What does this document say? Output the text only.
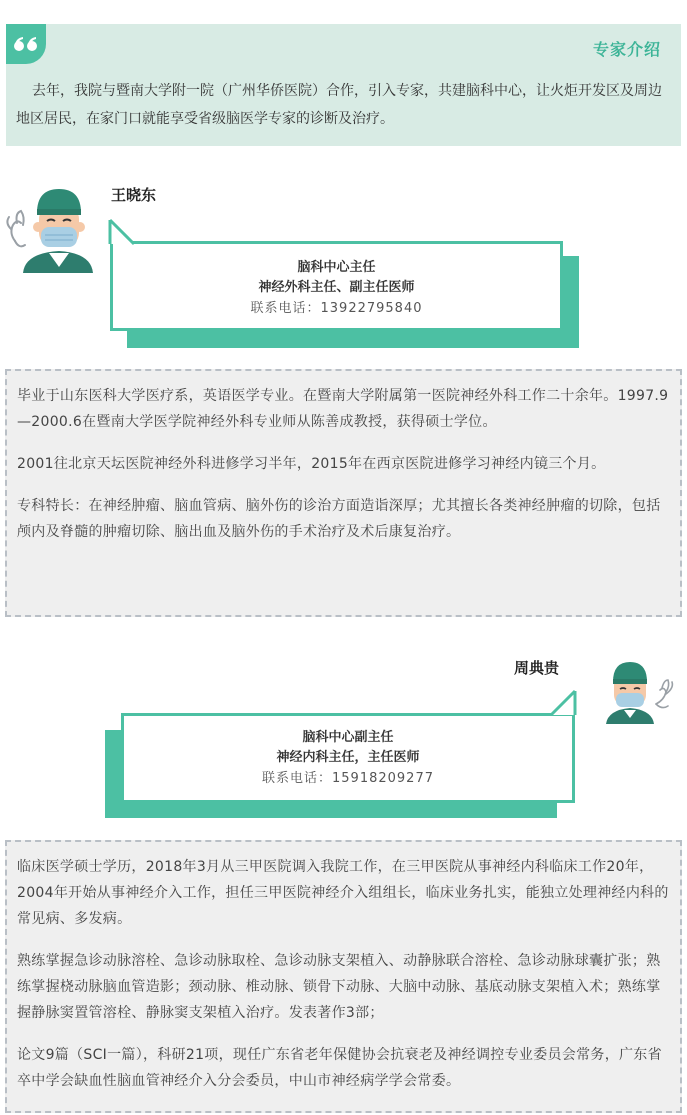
专家介绍
去年，我院与暨南大学附一院（广州华侨医院）合作，引入专家，共建脑科中心，让火炬开发区及周边地区居民，在家门口就能享受省级脑医学专家的诊断及治疗。
王晓东
脑科中心主任
神经外科主任、副主任医师
联系电话：13922795840

毕业于山东医科大学医疗系，英语医学专业。在暨南大学附属第一医院神经外科工作二十余年。1997.9—2000.6在暨南大学医学院神经外科专业师从陈善成教授，获得硕士学位。

2001往北京天坛医院神经外科进修学习半年，2015年在西京医院进修学习神经内镜三个月。

专科特长：在神经肿瘤、脑血管病、脑外伤的诊治方面造诣深厚；尤其擅长各类神经肿瘤的切除，包括颅内及脊髓的肿瘤切除、脑出血及脑外伤的手术治疗及术后康复治疗。

周典贵
脑科中心副主任
神经内科主任，主任医师
联系电话：15918209277

临床医学硕士学历，2018年3月从三甲医院调入我院工作，在三甲医院从事神经内科临床工作20年，2004年开始从事神经介入工作，担任三甲医院神经介入组组长，临床业务扎实，能独立处理神经内科的常见病、多发病。

熟练掌握急诊动脉溶栓、急诊动脉取栓、急诊动脉支架植入、动静脉联合溶栓、急诊动脉球囊扩张；熟练掌握桡动脉脑血管造影；颈动脉、椎动脉、锁骨下动脉、大脑中动脉、基底动脉支架植入术；熟练掌握静脉窦置管溶栓、静脉窦支架植入治疗。发表著作3部；

论文9篇（SCI一篇），科研21项，现任广东省老年保健协会抗衰老及神经调控专业委员会常务，广东省卒中学会缺血性脑血管神经介入分会委员，中山市神经病学学会常委。
